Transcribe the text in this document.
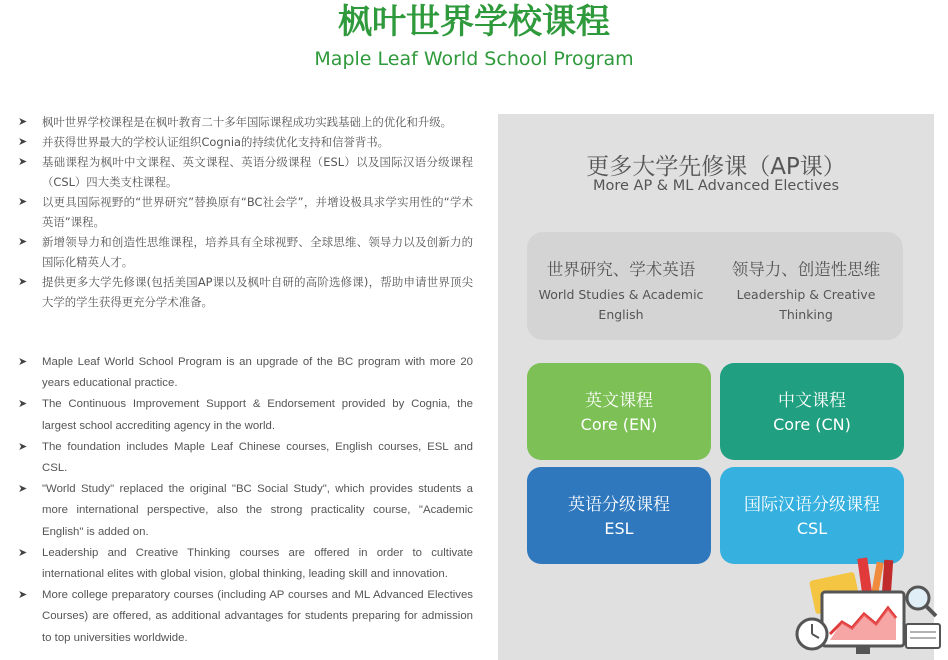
枫叶世界学校课程
Maple Leaf World School Program
➤ 枫叶世界学校课程是在枫叶教育二十多年国际课程成功实践基础上的优化和升级。
➤ 并获得世界最大的学校认证组织Cognia的持续优化支持和信誉背书。
➤ 基础课程为枫叶中文课程、英文课程、英语分级课程（ESL）以及国际汉语分级课程（CSL）四大类支柱课程。
➤ 以更具国际视野的“世界研究”替换原有“BC社会学”，并增设极具求学实用性的“学术英语”课程。
➤ 新增领导力和创造性思维课程，培养具有全球视野、全球思维、领导力以及创新力的国际化精英人才。
➤ 提供更多大学先修课(包括美国AP课以及枫叶自研的高阶选修课)，帮助申请世界顶尖大学的学生获得更充分学术准备。
➤ Maple Leaf World School Program is an upgrade of the BC program with more 20 years educational practice.
➤ The Continuous Improvement Support & Endorsement provided by Cognia, the largest school accrediting agency in the world.
➤ The foundation includes Maple Leaf Chinese courses, English courses, ESL and CSL.
➤ "World Study" replaced the original "BC Social Study", which provides students a more international perspective, also the strong practicality course, "Academic English" is added on.
➤ Leadership and Creative Thinking courses are offered in order to cultivate international elites with global vision, global thinking, leading skill and innovation.
➤ More college preparatory courses (including AP courses and ML Advanced Electives Courses) are offered, as additional advantages for students preparing for admission to top universities worldwide.
更多大学先修课（AP课）
More AP & ML Advanced Electives
世界研究、学术英语
World Studies & Academic
English
领导力、创造性思维
Leadership & Creative
Thinking
英文课程
Core (EN)
中文课程
Core (CN)
英语分级课程
ESL
国际汉语分级课程
CSL
